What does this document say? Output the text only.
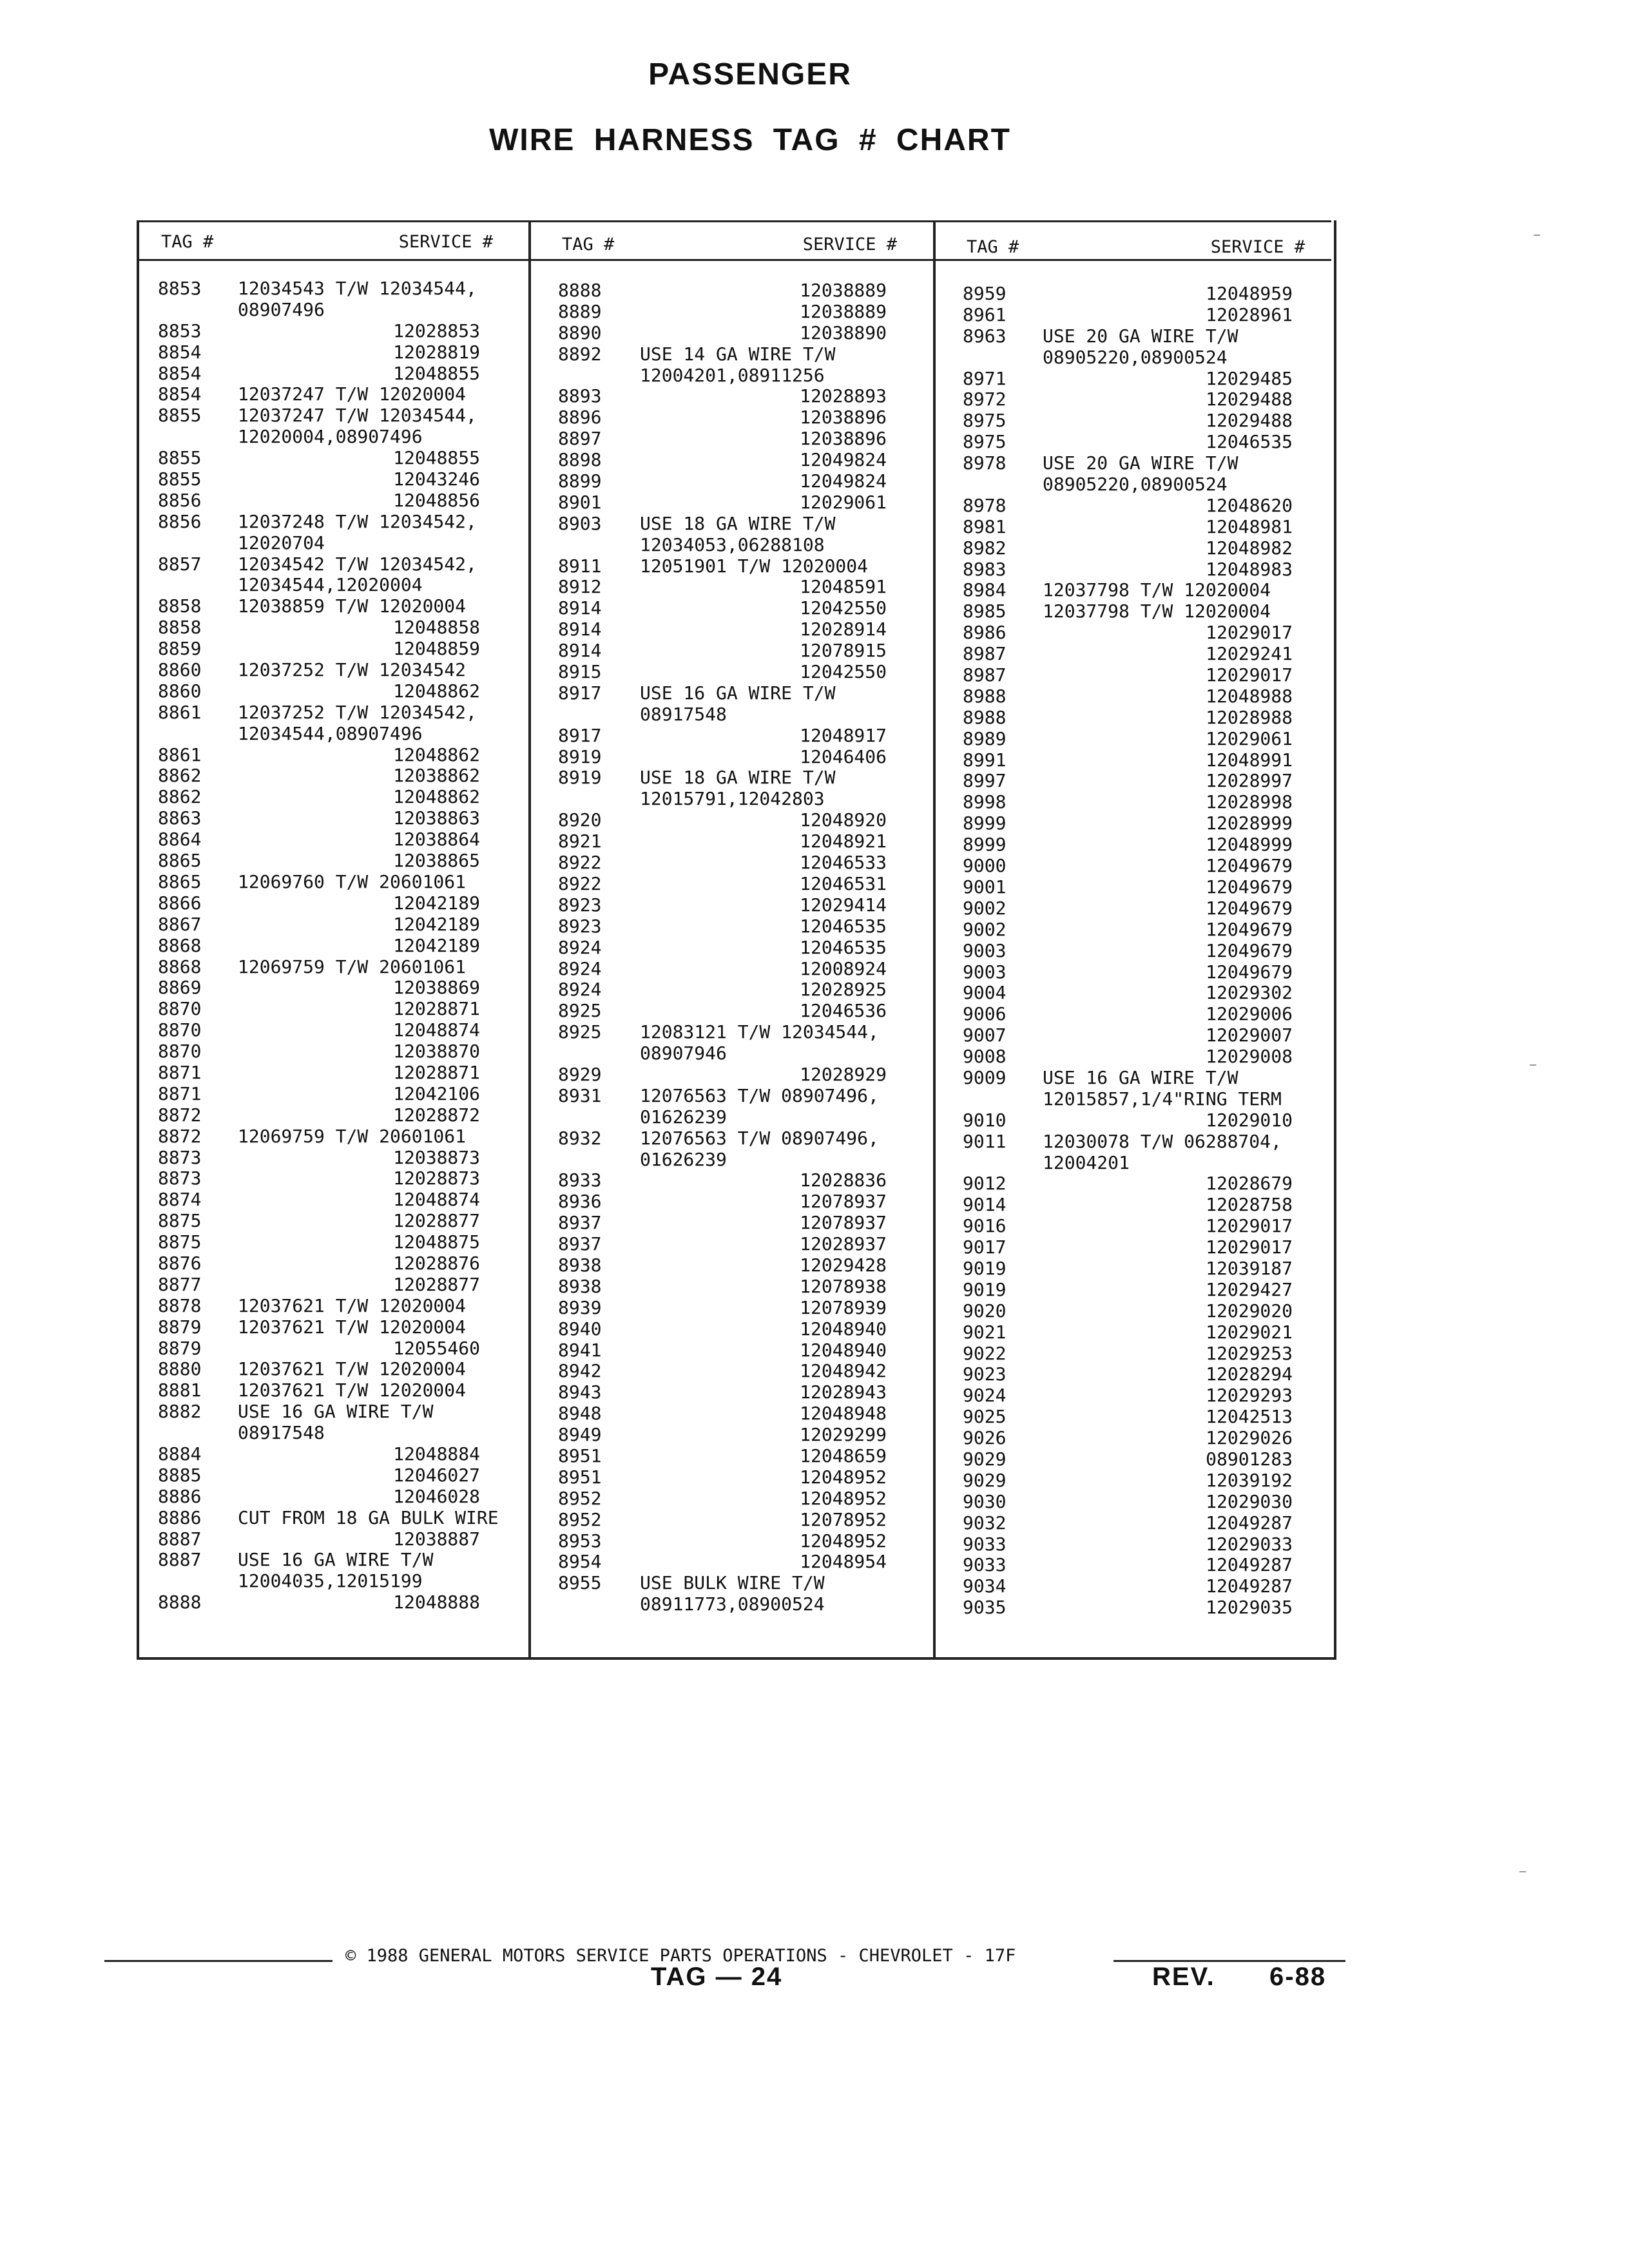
PASSENGER
WIRE HARNESS TAG # CHART
TAG #	SERVICE #	TAG #	SERVICE #	TAG #	SERVICE #
8853 12034543 T/W 12034544,
08907496
8853	12028853
8854	12028819
8854	12048855
8854 12037247 T/W 12020004
8855 12037247 T/W 12034544,
12020004,08907496
8855	12048855
8855	12043246
8856	12048856
8856 12037248 T/W 12034542,
12020704
8857 12034542 T/W 12034542,
12034544,12020004
8858 12038859 T/W 12020004
8858	12048858
8859	12048859
8860 12037252 T/W 12034542
8860	12048862
8861 12037252 T/W 12034542,
12034544,08907496
8861	12048862
8862	12038862
8862	12048862
8863	12038863
8864	12038864
8865	12038865
8865 12069760 T/W 20601061
8866	12042189
8867	12042189
8868	12042189
8868 12069759 T/W 20601061
8869	12038869
8870	12028871
8870	12048874
8870	12038870
8871	12028871
8871	12042106
8872	12028872
8872 12069759 T/W 20601061
8873	12038873
8873	12028873
8874	12048874
8875	12028877
8875	12048875
8876	12028876
8877	12028877
8878 12037621 T/W 12020004
8879 12037621 T/W 12020004
8879	12055460
8880 12037621 T/W 12020004
8881 12037621 T/W 12020004
8882 USE 16 GA WIRE T/W
08917548
8884	12048884
8885	12046027
8886	12046028
8886 CUT FROM 18 GA BULK WIRE
8887	12038887
8887 USE 16 GA WIRE T/W
12004035,12015199
8888	12048888
8888	12038889
8889	12038889
8890	12038890
8892 USE 14 GA WIRE T/W
12004201,08911256
8893	12028893
8896	12038896
8897	12038896
8898	12049824
8899	12049824
8901	12029061
8903 USE 18 GA WIRE T/W
12034053,06288108
8911 12051901 T/W 12020004
8912	12048591
8914	12042550
8914	12028914
8914	12078915
8915	12042550
8917 USE 16 GA WIRE T/W
08917548
8917	12048917
8919	12046406
8919 USE 18 GA WIRE T/W
12015791,12042803
8920	12048920
8921	12048921
8922	12046533
8922	12046531
8923	12029414
8923	12046535
8924	12046535
8924	12008924
8924	12028925
8925	12046536
8925 12083121 T/W 12034544,
08907946
8929	12028929
8931 12076563 T/W 08907496,
01626239
8932 12076563 T/W 08907496,
01626239
8933	12028836
8936	12078937
8937	12078937
8937	12028937
8938	12029428
8938	12078938
8939	12078939
8940	12048940
8941	12048940
8942	12048942
8943	12028943
8948	12048948
8949	12029299
8951	12048659
8951	12048952
8952	12048952
8952	12078952
8953	12048952
8954	12048954
8955 USE BULK WIRE T/W
08911773,08900524
8959	12048959
8961	12028961
8963 USE 20 GA WIRE T/W
08905220,08900524
8971	12029485
8972	12029488
8975	12029488
8975	12046535
8978 USE 20 GA WIRE T/W
08905220,08900524
8978	12048620
8981	12048981
8982	12048982
8983	12048983
8984 12037798 T/W 12020004
8985 12037798 T/W 12020004
8986	12029017
8987	12029241
8987	12029017
8988	12048988
8988	12028988
8989	12029061
8991	12048991
8997	12028997
8998	12028998
8999	12028999
8999	12048999
9000	12049679
9001	12049679
9002	12049679
9002	12049679
9003	12049679
9003	12049679
9004	12029302
9006	12029006
9007	12029007
9008	12029008
9009 USE 16 GA WIRE T/W
12015857,1/4"RING TERM
9010	12029010
9011 12030078 T/W 06288704,
12004201
9012	12028679
9014	12028758
9016	12029017
9017	12029017
9019	12039187
9019	12029427
9020	12029020
9021	12029021
9022	12029253
9023	12028294
9024	12029293
9025	12042513
9026	12029026
9029	08901283
9029	12039192
9030	12029030
9032	12049287
9033	12029033
9033	12049287
9034	12049287
9035	12029035
© 1988 GENERAL MOTORS SERVICE PARTS OPERATIONS - CHEVROLET - 17F
TAG — 24	REV. 6-88
